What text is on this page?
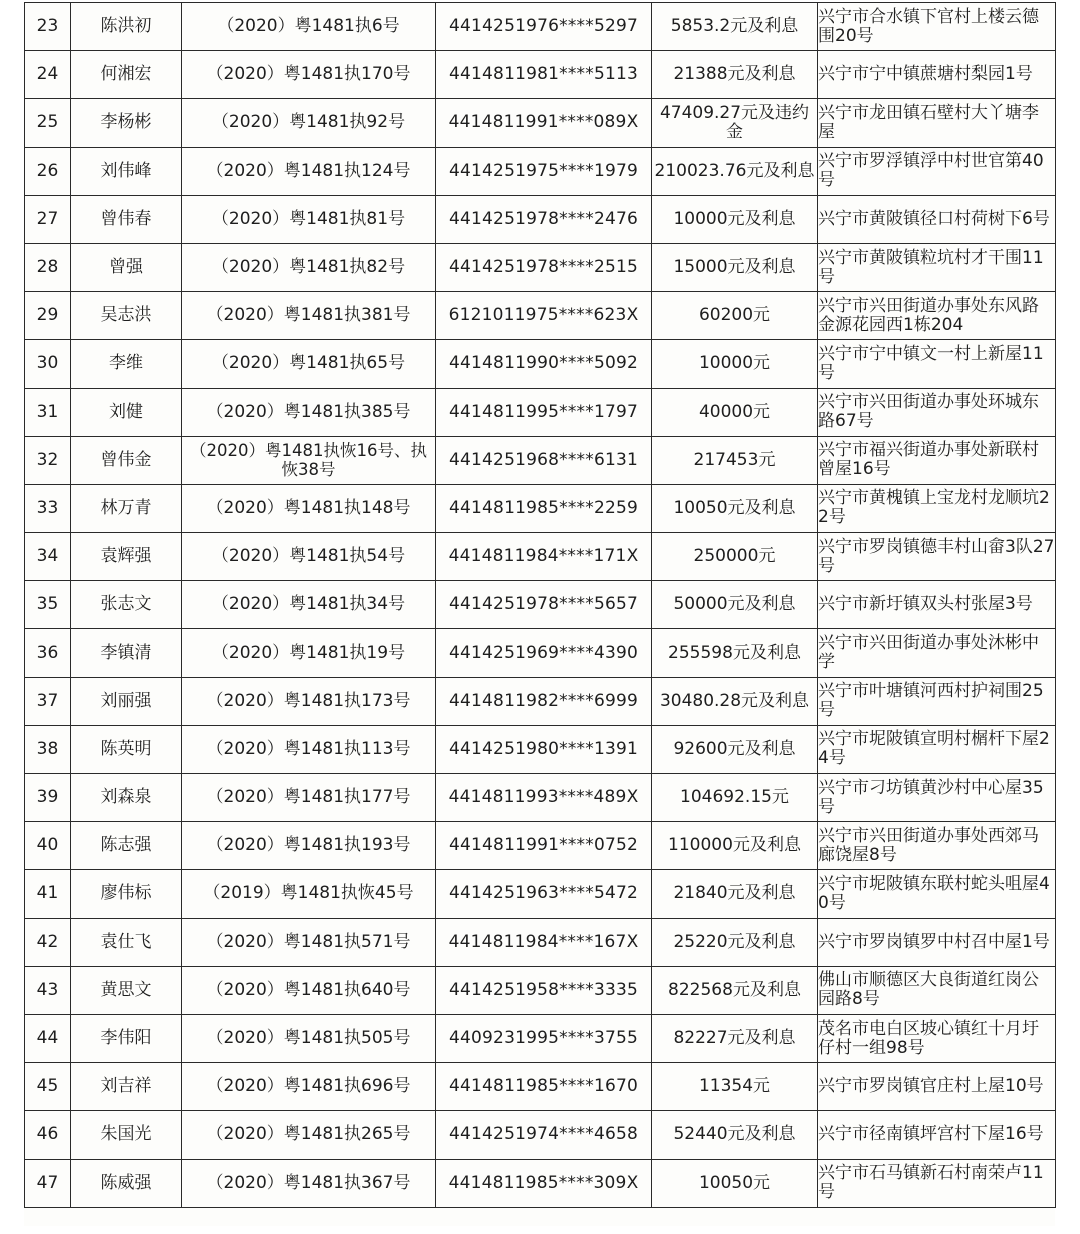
23	陈洪初	（2020）粤1481执6号	4414251976****5297	5853.2元及利息	兴宁市合水镇下官村上楼云德围20号
24	何湘宏	（2020）粤1481执170号	4414811981****5113	21388元及利息	兴宁市宁中镇蔗塘村梨园1号
25	李杨彬	（2020）粤1481执92号	4414811991****089X	47409.27元及违约金	兴宁市龙田镇石壁村大丫塘李屋
26	刘伟峰	（2020）粤1481执124号	4414251975****1979	210023.76元及利息	兴宁市罗浮镇浮中村世官第40号
27	曾伟春	（2020）粤1481执81号	4414251978****2476	10000元及利息	兴宁市黄陂镇径口村荷树下6号
28	曾强	（2020）粤1481执82号	4414251978****2515	15000元及利息	兴宁市黄陂镇粒坑村才干围11号
29	吴志洪	（2020）粤1481执381号	6121011975****623X	60200元	兴宁市兴田街道办事处东风路金源花园西1栋204
30	李维	（2020）粤1481执65号	4414811990****5092	10000元	兴宁市宁中镇文一村上新屋11号
31	刘健	（2020）粤1481执385号	4414811995****1797	40000元	兴宁市兴田街道办事处环城东路67号
32	曾伟金	（2020）粤1481执恢16号、执恢38号	4414251968****6131	217453元	兴宁市福兴街道办事处新联村曾屋16号
33	林万青	（2020）粤1481执148号	4414811985****2259	10050元及利息	兴宁市黄槐镇上宝龙村龙顺坑22号
34	袁辉强	（2020）粤1481执54号	4414811984****171X	250000元	兴宁市罗岗镇德丰村山畲3队27号
35	张志文	（2020）粤1481执34号	4414251978****5657	50000元及利息	兴宁市新圩镇双头村张屋3号
36	李镇清	（2020）粤1481执19号	4414251969****4390	255598元及利息	兴宁市兴田街道办事处沐彬中学
37	刘丽强	（2020）粤1481执173号	4414811982****6999	30480.28元及利息	兴宁市叶塘镇河西村护祠围25号
38	陈英明	（2020）粤1481执113号	4414251980****1391	92600元及利息	兴宁市坭陂镇宣明村榍杆下屋24号
39	刘森泉	（2020）粤1481执177号	4414811993****489X	104692.15元	兴宁市刁坊镇黄沙村中心屋35号
40	陈志强	（2020）粤1481执193号	4414811991****0752	110000元及利息	兴宁市兴田街道办事处西郊马廊饶屋8号
41	廖伟标	（2019）粤1481执恢45号	4414251963****5472	21840元及利息	兴宁市坭陂镇东联村蛇头咀屋40号
42	袁仕飞	（2020）粤1481执571号	4414811984****167X	25220元及利息	兴宁市罗岗镇罗中村召中屋1号
43	黄思文	（2020）粤1481执640号	4414251958****3335	822568元及利息	佛山市顺德区大良街道红岗公园路8号
44	李伟阳	（2020）粤1481执505号	4409231995****3755	82227元及利息	茂名市电白区坡心镇红十月圩仔村一组98号
45	刘吉祥	（2020）粤1481执696号	4414811985****1670	11354元	兴宁市罗岗镇官庄村上屋10号
46	朱国光	（2020）粤1481执265号	4414251974****4658	52440元及利息	兴宁市径南镇坪宫村下屋16号
47	陈威强	（2020）粤1481执367号	4414811985****309X	10050元	兴宁市石马镇新石村南荣卢11号
